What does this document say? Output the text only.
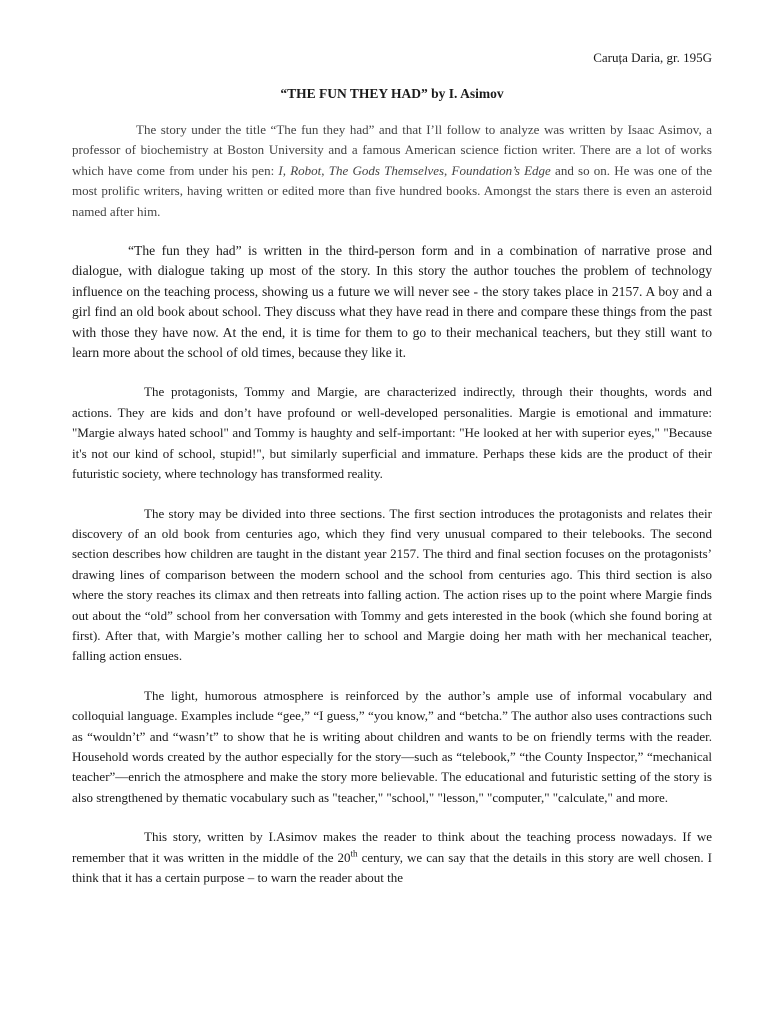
Caruța Daria, gr. 195G

“THE FUN THEY HAD” by I. Asimov

The story under the title “The fun they had” and that I’ll follow to analyze was written by Isaac Asimov, a professor of biochemistry at Boston University and a famous American science fiction writer. There are a lot of works which have come from under his pen: I, Robot, The Gods Themselves, Foundation’s Edge and so on. He was one of the most prolific writers, having written or edited more than five hundred books. Amongst the stars there is even an asteroid named after him.

“The fun they had” is written in the third-person form and in a combination of narrative prose and dialogue, with dialogue taking up most of the story. In this story the author touches the problem of technology influence on the teaching process, showing us a future we will never see - the story takes place in 2157. A boy and a girl find an old book about school. They discuss what they have read in there and compare these things from the past with those they have now. At the end, it is time for them to go to their mechanical teachers, but they still want to learn more about the school of old times, because they like it.

The protagonists, Tommy and Margie, are characterized indirectly, through their thoughts, words and actions. They are kids and don’t have profound or well-developed personalities. Margie is emotional and immature: "Margie always hated school" and Tommy is haughty and self-important: "He looked at her with superior eyes," "Because it's not our kind of school, stupid!", but similarly superficial and immature. Perhaps these kids are the product of their futuristic society, where technology has transformed reality.

The story may be divided into three sections. The first section introduces the protagonists and relates their discovery of an old book from centuries ago, which they find very unusual compared to their telebooks. The second section describes how children are taught in the distant year 2157. The third and final section focuses on the protagonists’ drawing lines of comparison between the modern school and the school from centuries ago. This third section is also where the story reaches its climax and then retreats into falling action. The action rises up to the point where Margie finds out about the “old” school from her conversation with Tommy and gets interested in the book (which she found boring at first). After that, with Margie’s mother calling her to school and Margie doing her math with her mechanical teacher, falling action ensues.

The light, humorous atmosphere is reinforced by the author’s ample use of informal vocabulary and colloquial language. Examples include “gee,” “I guess,” “you know,” and “betcha.” The author also uses contractions such as “wouldn’t” and “wasn’t” to show that he is writing about children and wants to be on friendly terms with the reader. Household words created by the author especially for the story—such as “telebook,” “the County Inspector,” “mechanical teacher”—enrich the atmosphere and make the story more believable. The educational and futuristic setting of the story is also strengthened by thematic vocabulary such as "teacher," "school," "lesson," "computer," "calculate," and more.

This story, written by I.Asimov makes the reader to think about the teaching process nowadays. If we remember that it was written in the middle of the 20th century, we can say that the details in this story are well chosen. I think that it has a certain purpose – to warn the reader about the
